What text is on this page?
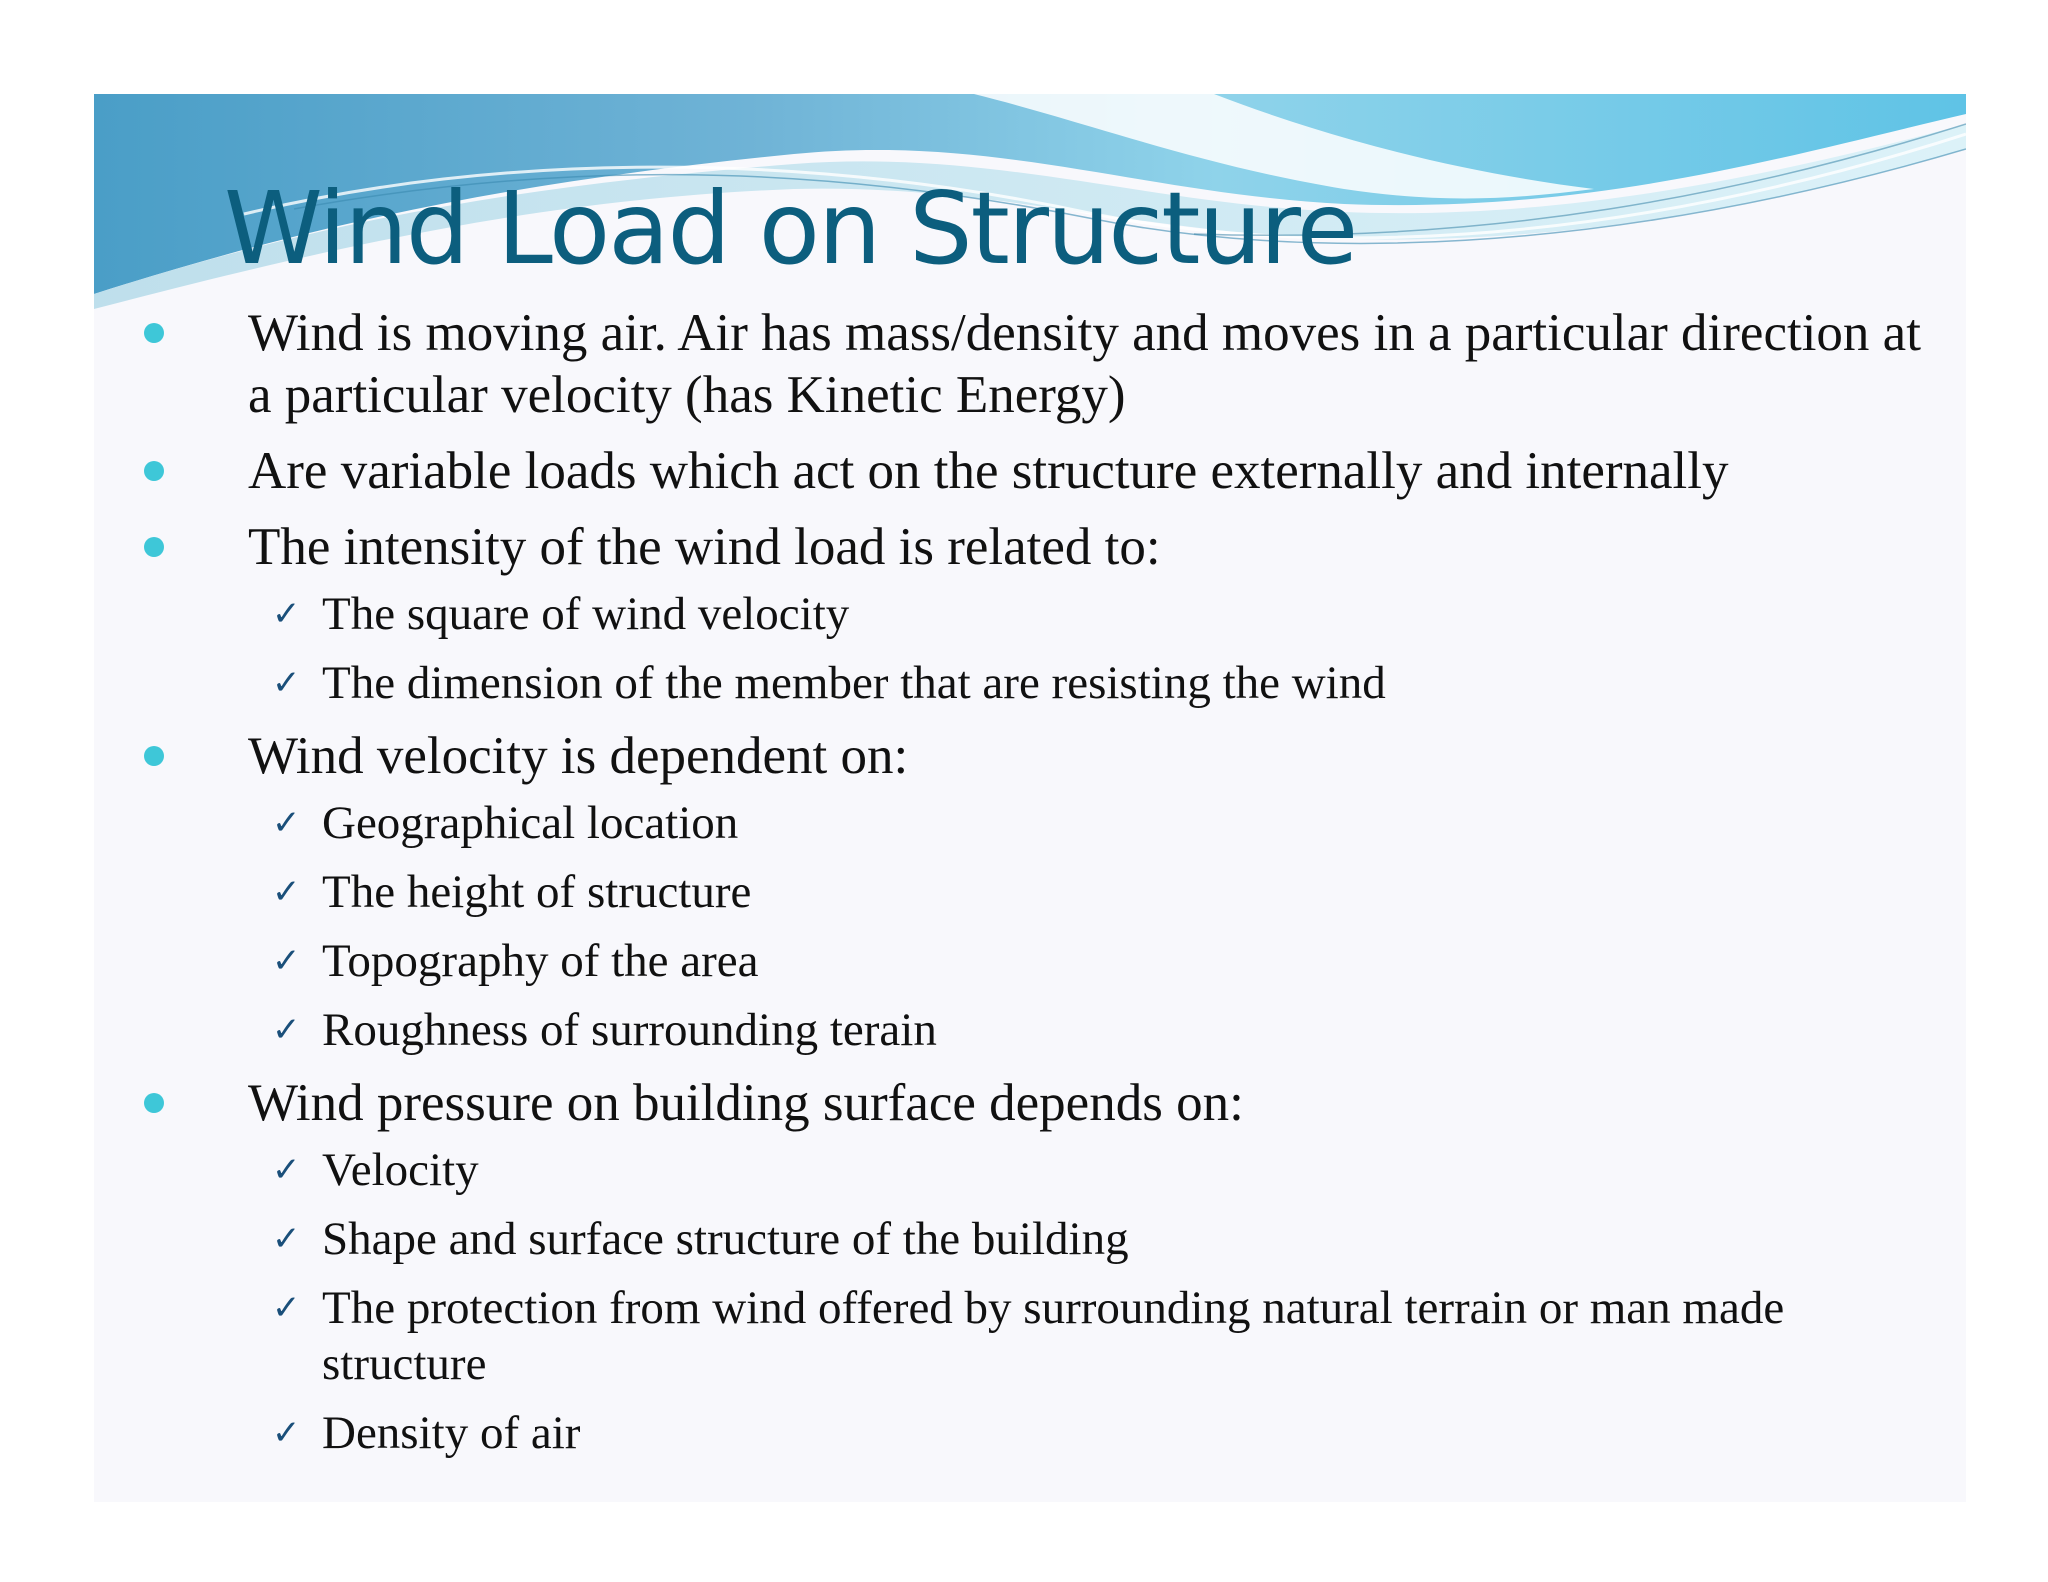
Wind Load on Structure
Wind is moving air. Air has mass/density and moves in a particular direction at a particular velocity (has Kinetic Energy)
Are variable loads which act on the structure externally and internally
The intensity of the wind load is related to:
✓ The square of wind velocity
✓ The dimension of the member that are resisting the wind
Wind velocity is dependent on:
✓ Geographical location
✓ The height of structure
✓ Topography of the area
✓ Roughness of surrounding terain
Wind pressure on building surface depends on:
✓ Velocity
✓ Shape and surface structure of the building
✓ The protection from wind offered by surrounding natural terrain or man made structure
✓ Density of air
